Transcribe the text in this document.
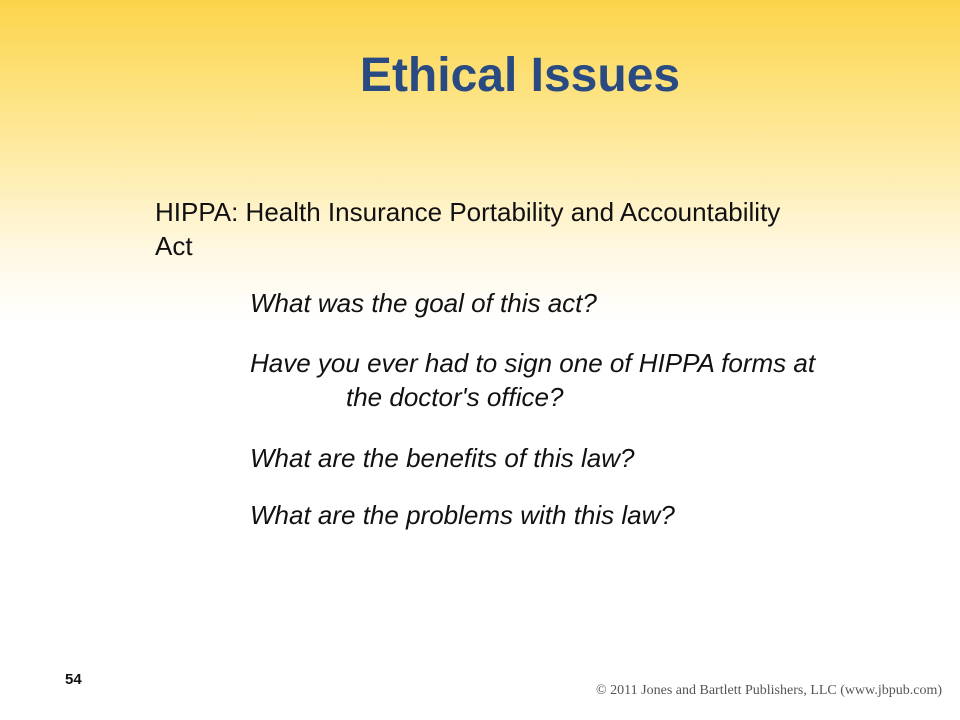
Ethical Issues

HIPPA: Health Insurance Portability and Accountability Act

What was the goal of this act?

Have you ever had to sign one of HIPPA forms at the doctor's office?

What are the benefits of this law?

What are the problems with this law?

54
© 2011 Jones and Bartlett Publishers, LLC (www.jbpub.com)
